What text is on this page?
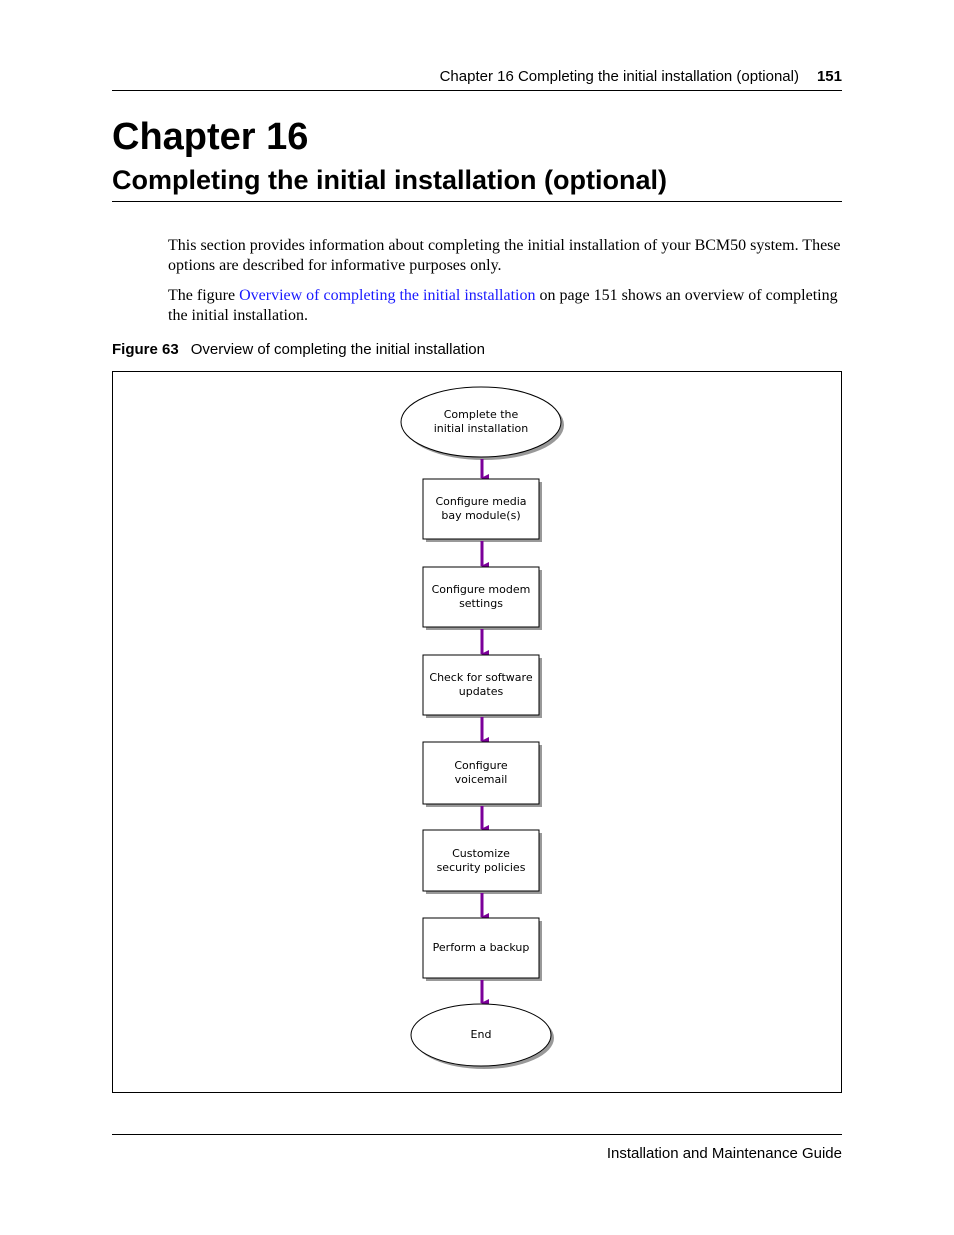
Chapter 16 Completing the initial installation (optional) 151
Chapter 16
Completing the initial installation (optional)
This section provides information about completing the initial installation of your BCM50 system. These options are described for informative purposes only.
The figure Overview of completing the initial installation on page 151 shows an overview of completing the initial installation.
Figure 63 Overview of completing the initial installation
Complete the initial installation
Configure media bay module(s)
Configure modem settings
Check for software updates
Configure voicemail
Customize security policies
Perform a backup
End
Installation and Maintenance Guide
